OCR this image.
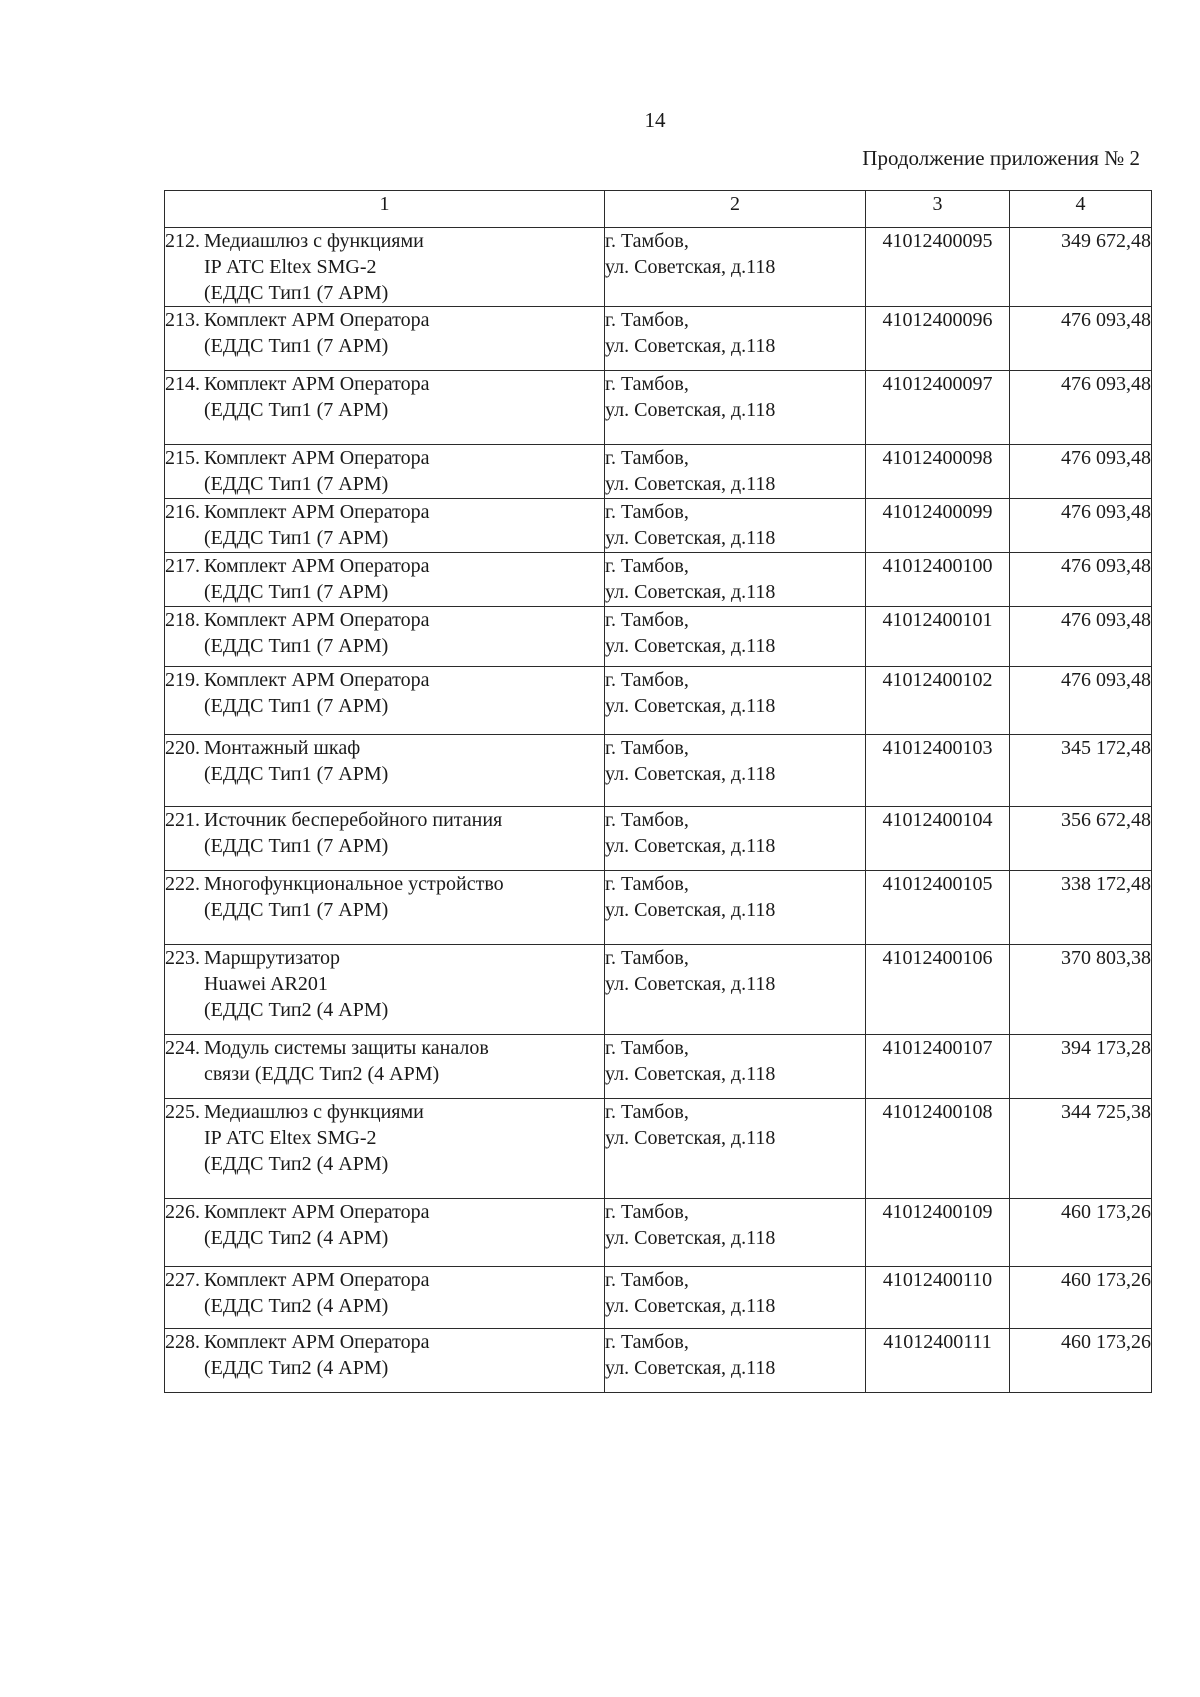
14
Продолжение приложения № 2
1	2	3	4

212. Медиашлюз с функциями
IP АТС Eltex SMG-2
(ЕДДС Тип1 (7 АРМ)	г. Тамбов,
ул. Советская, д.118	41012400095	349 672,48

213. Комплект АРМ Оператора
(ЕДДС Тип1 (7 АРМ)	г. Тамбов,
ул. Советская, д.118	41012400096	476 093,48

214. Комплект АРМ Оператора
(ЕДДС Тип1 (7 АРМ)	г. Тамбов,
ул. Советская, д.118	41012400097	476 093,48

215. Комплект АРМ Оператора
(ЕДДС Тип1 (7 АРМ)	г. Тамбов,
ул. Советская, д.118	41012400098	476 093,48

216. Комплект АРМ Оператора
(ЕДДС Тип1 (7 АРМ)	г. Тамбов,
ул. Советская, д.118	41012400099	476 093,48

217. Комплект АРМ Оператора
(ЕДДС Тип1 (7 АРМ)	г. Тамбов,
ул. Советская, д.118	41012400100	476 093,48

218. Комплект АРМ Оператора
(ЕДДС Тип1 (7 АРМ)	г. Тамбов,
ул. Советская, д.118	41012400101	476 093,48

219. Комплект АРМ Оператора
(ЕДДС Тип1 (7 АРМ)	г. Тамбов,
ул. Советская, д.118	41012400102	476 093,48

220. Монтажный шкаф
(ЕДДС Тип1 (7 АРМ)	г. Тамбов,
ул. Советская, д.118	41012400103	345 172,48

221. Источник бесперебойного питания
(ЕДДС Тип1 (7 АРМ)	г. Тамбов,
ул. Советская, д.118	41012400104	356 672,48

222. Многофункциональное устройство
(ЕДДС Тип1 (7 АРМ)	г. Тамбов,
ул. Советская, д.118	41012400105	338 172,48

223. Маршрутизатор
Huawei AR201
(ЕДДС Тип2 (4 АРМ)	г. Тамбов,
ул. Советская, д.118	41012400106	370 803,38

224. Модуль системы защиты каналов
связи (ЕДДС Тип2 (4 АРМ)	г. Тамбов,
ул. Советская, д.118	41012400107	394 173,28

225. Медиашлюз с функциями
IP АТС Eltex SMG-2
(ЕДДС Тип2 (4 АРМ)	г. Тамбов,
ул. Советская, д.118	41012400108	344 725,38

226. Комплект АРМ Оператора
(ЕДДС Тип2 (4 АРМ)	г. Тамбов,
ул. Советская, д.118	41012400109	460 173,26

227. Комплект АРМ Оператора
(ЕДДС Тип2 (4 АРМ)	г. Тамбов,
ул. Советская, д.118	41012400110	460 173,26

228. Комплект АРМ Оператора
(ЕДДС Тип2 (4 АРМ)	г. Тамбов,
ул. Советская, д.118	41012400111	460 173,26
